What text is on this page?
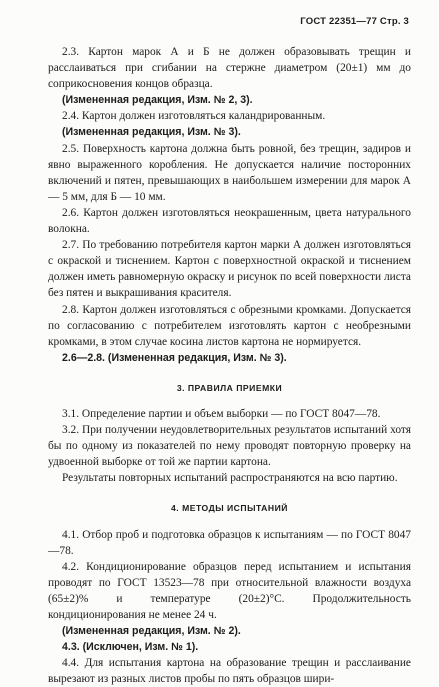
ГОСТ 22351—77 Стр. 3

2.3. Картон марок А и Б не должен образовывать трещин и расслаиваться при сгибании на стержне диаметром (20±1) мм до соприкосновения концов образца.

(Измененная редакция, Изм. № 2, 3).

2.4. Картон должен изготовляться каландрированным.

(Измененная редакция, Изм. № 3).

2.5. Поверхность картона должна быть ровной, без трещин, задиров и явно выраженного коробления. Не допускается наличие посторонних включений и пятен, превышающих в наибольшем измерении для марок А — 5 мм, для Б — 10 мм.

2.6. Картон должен изготовляться неокрашенным, цвета натурального волокна.

2.7. По требованию потребителя картон марки А должен изготовляться с окраской и тиснением. Картон с поверхностной окраской и тиснением должен иметь равномерную окраску и рисунок по всей поверхности листа без пятен и выкрашивания красителя.

2.8. Картон должен изготовляться с обрезными кромками. Допускается по согласованию с потребителем изготовлять картон с необрезными кромками, в этом случае косина листов картона не нормируется.

2.6—2.8. (Измененная редакция, Изм. № 3).

3. ПРАВИЛА ПРИЕМКИ

3.1. Определение партии и объем выборки — по ГОСТ 8047—78.

3.2. При получении неудовлетворительных результатов испытаний хотя бы по одному из показателей по нему проводят повторную проверку на удвоенной выборке от той же партии картона.

Результаты повторных испытаний распространяются на всю партию.

4. МЕТОДЫ ИСПЫТАНИЙ

4.1. Отбор проб и подготовка образцов к испытаниям — по ГОСТ 8047—78.

4.2. Кондиционирование образцов перед испытанием и испытания проводят по ГОСТ 13523—78 при относительной влажности воздуха (65±2)% и температуре (20±2)°С. Продолжительность кондиционирования не менее 24 ч.

(Измененная редакция, Изм. № 2).

4.3. (Исключен, Изм. № 1).

4.4. Для испытания картона на образование трещин и расслаивание вырезают из разных листов пробы по пять образцов шири-
